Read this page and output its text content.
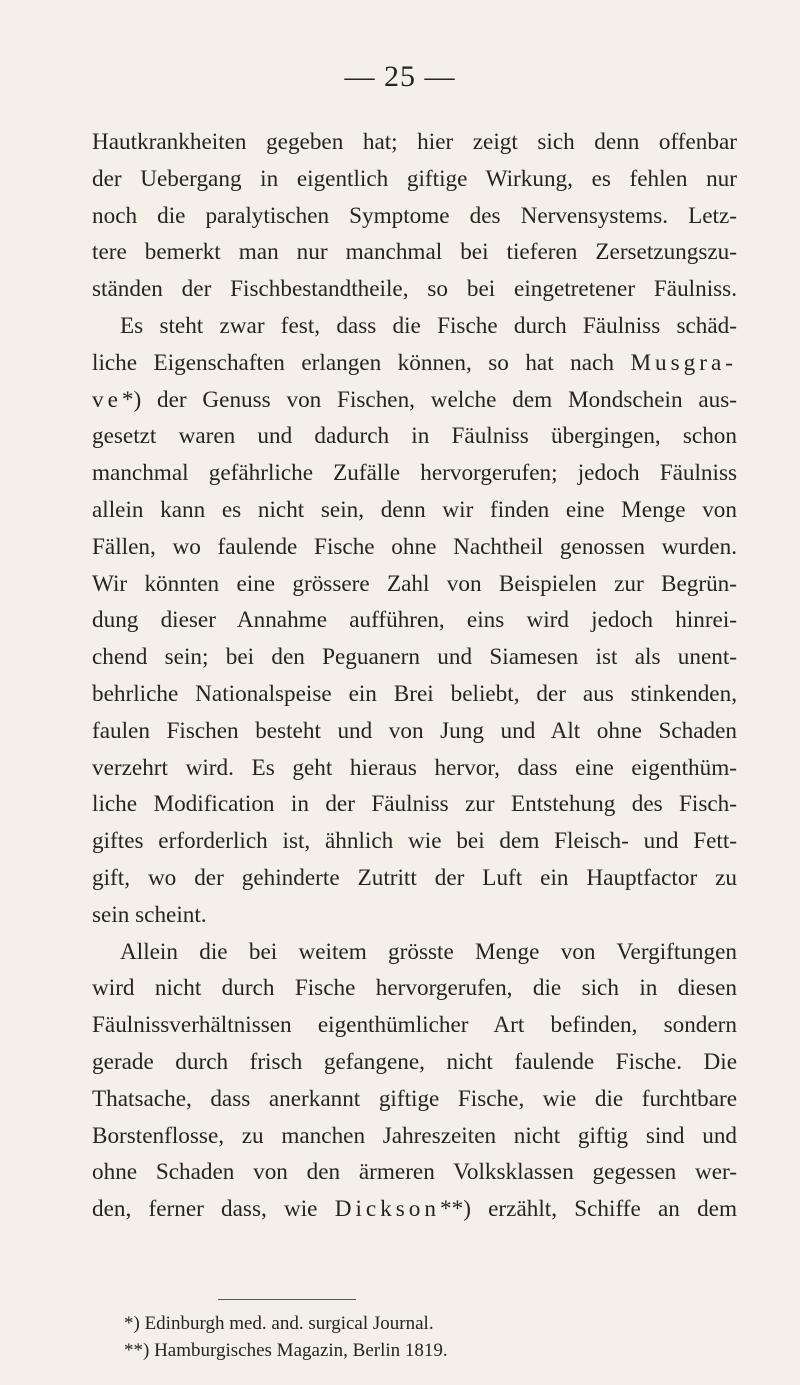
— 25 —
Hautkrankheiten gegeben hat; hier zeigt sich denn offenbar
der Uebergang in eigentlich giftige Wirkung, es fehlen nur
noch die paralytischen Symptome des Nervensystems. Letz-
tere bemerkt man nur manchmal bei tieferen Zersetzungszu-
ständen der Fischbestandtheile, so bei eingetretener Fäulniss.
Es steht zwar fest, dass die Fische durch Fäulniss schäd-
liche Eigenschaften erlangen können, so hat nach Musgra-
ve*) der Genuss von Fischen, welche dem Mondschein aus-
gesetzt waren und dadurch in Fäulniss übergingen, schon
manchmal gefährliche Zufälle hervorgerufen; jedoch Fäulniss
allein kann es nicht sein, denn wir finden eine Menge von
Fällen, wo faulende Fische ohne Nachtheil genossen wurden.
Wir könnten eine grössere Zahl von Beispielen zur Begrün-
dung dieser Annahme aufführen, eins wird jedoch hinrei-
chend sein; bei den Peguanern und Siamesen ist als unent-
behrliche Nationalspeise ein Brei beliebt, der aus stinkenden,
faulen Fischen besteht und von Jung und Alt ohne Schaden
verzehrt wird. Es geht hieraus hervor, dass eine eigenthüm-
liche Modification in der Fäulniss zur Entstehung des Fisch-
giftes erforderlich ist, ähnlich wie bei dem Fleisch- und Fett-
gift, wo der gehinderte Zutritt der Luft ein Hauptfactor zu
sein scheint.
Allein die bei weitem grösste Menge von Vergiftungen
wird nicht durch Fische hervorgerufen, die sich in diesen
Fäulnissverhältnissen eigenthümlicher Art befinden, sondern
gerade durch frisch gefangene, nicht faulende Fische. Die
Thatsache, dass anerkannt giftige Fische, wie die furchtbare
Borstenflosse, zu manchen Jahreszeiten nicht giftig sind und
ohne Schaden von den ärmeren Volksklassen gegessen wer-
den, ferner dass, wie Dickson**) erzählt, Schiffe an dem
*) Edinburgh med. and. surgical Journal.
**) Hamburgisches Magazin, Berlin 1819.
